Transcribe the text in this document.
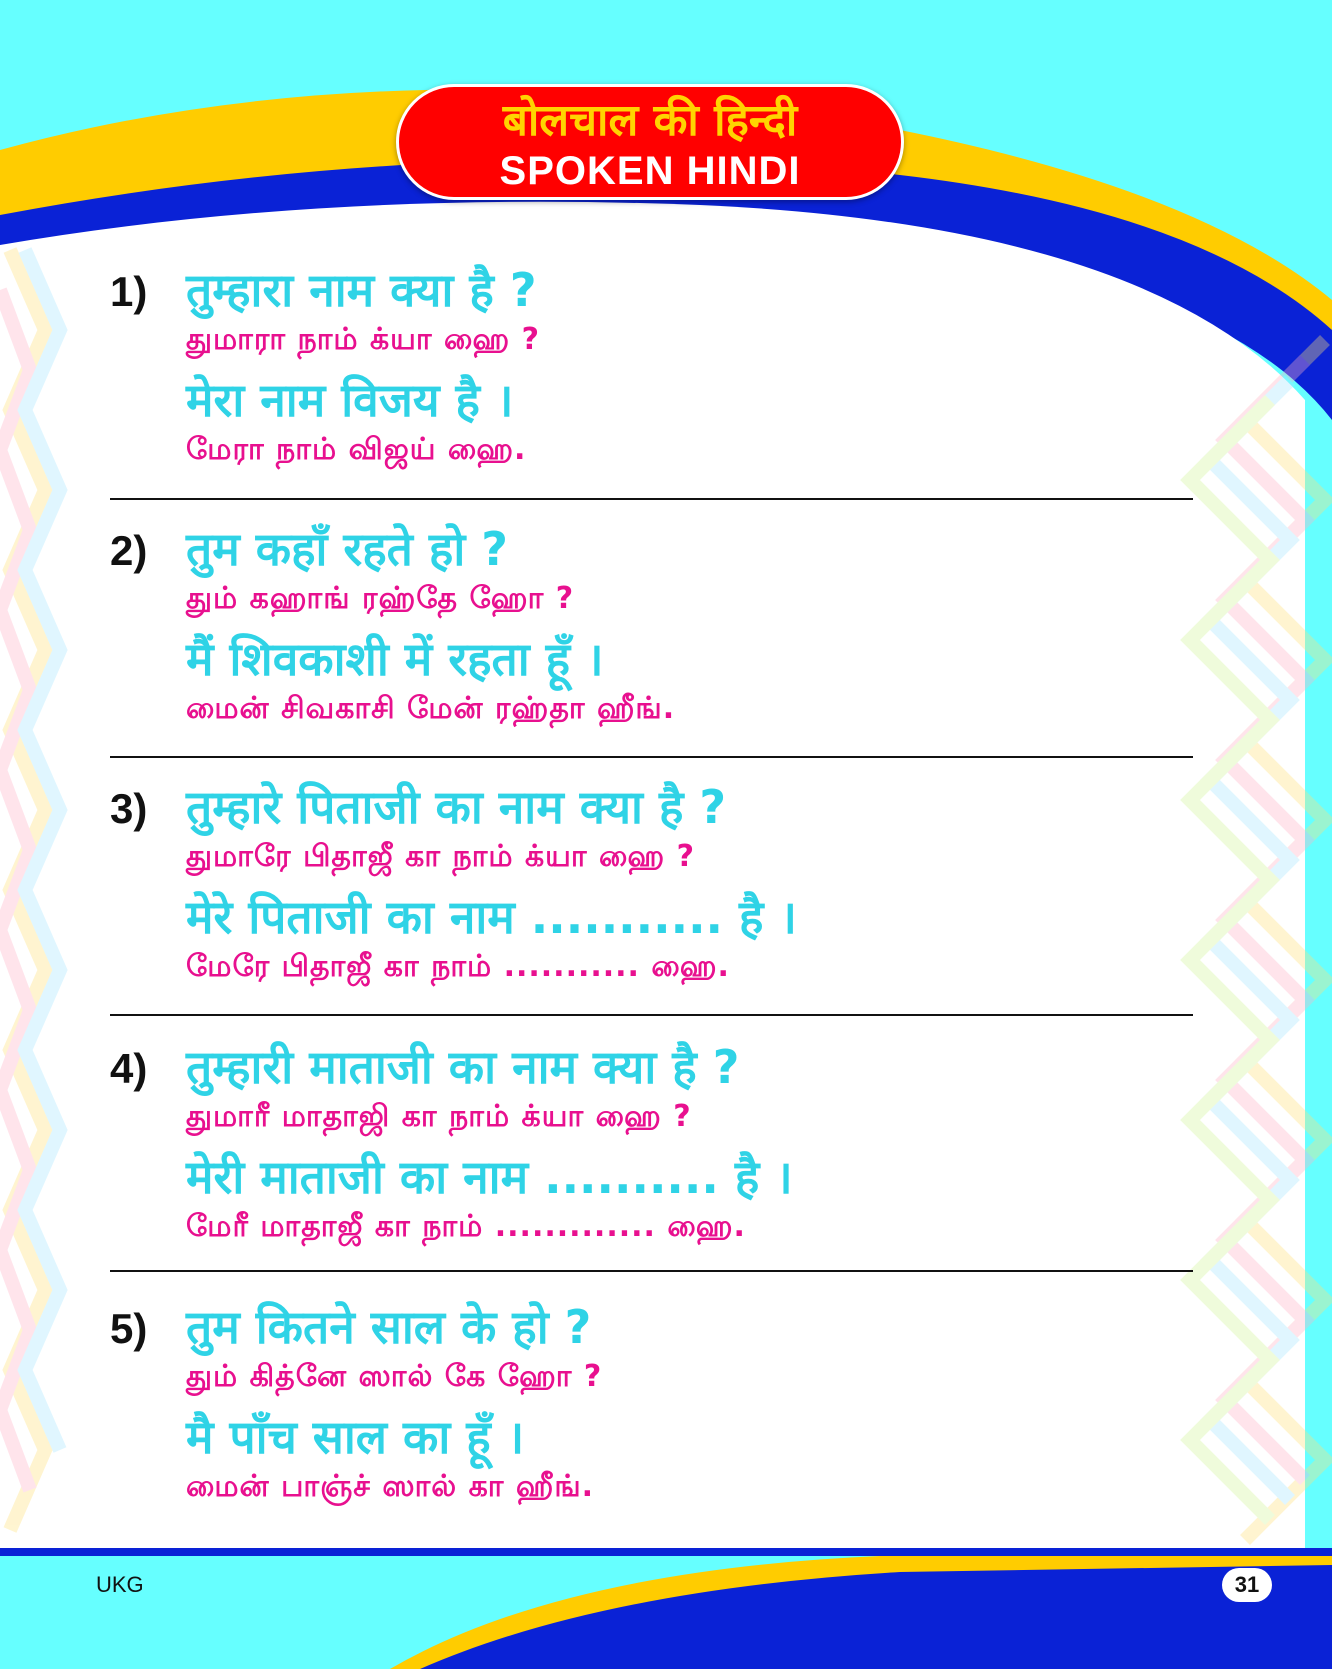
बोलचाल की हिन्दी
SPOKEN HINDI
1) तुम्हारा नाम क्या है ?
துமாரா நாம் க்யா ஹை ?
मेरा नाम विजय है ।
மேரா நாம் விஜய் ஹை.
2) तुम कहाँ रहते हो ?
தும் கஹாங் ரஹ்தே ஹோ ?
मैं शिवकाशी में रहता हूँ ।
மைன் சிவகாசி மேன் ரஹ்தா ஹீங்.
3) तुम्हारे पिताजी का नाम क्या है ?
துமாரே பிதாஜீ கா நாம் க்யா ஹை ?
मेरे पिताजी का नाम ........... है ।
மேரே பிதாஜீ கா நாம் ........... ஹை.
4) तुम्हारी माताजी का नाम क्या है ?
துமாரீ மாதாஜி கா நாம் க்யா ஹை ?
मेरी माताजी का नाम .......... है ।
மேரீ மாதாஜீ கா நாம் ............. ஹை.
5) तुम कितने साल के हो ?
தும் கித்னே ஸால் கே ஹோ ?
मै पाँच साल का हूँ ।
மைன் பாஞ்ச் ஸால் கா ஹீங்.
UKG	31
